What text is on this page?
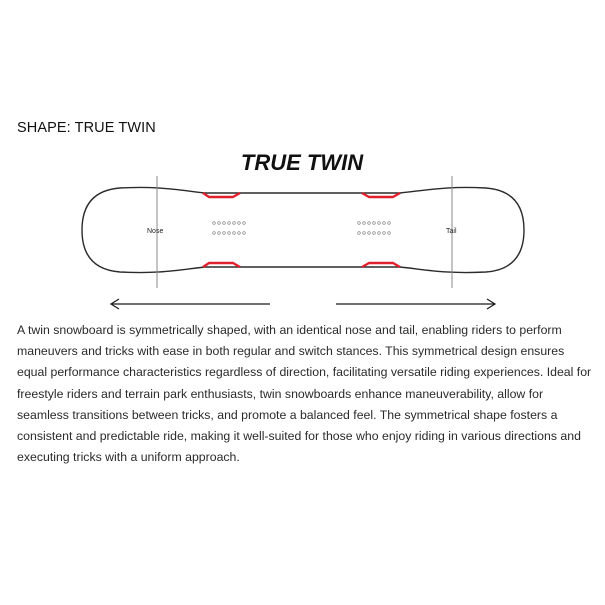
SHAPE: TRUE TWIN
TRUE TWIN
Nose	Tail

A twin snowboard is symmetrically shaped, with an identical nose and tail, enabling riders to perform maneuvers and tricks with ease in both regular and switch stances. This symmetrical design ensures equal performance characteristics regardless of direction, facilitating versatile riding experiences. Ideal for freestyle riders and terrain park enthusiasts, twin snowboards enhance maneuverability, allow for seamless transitions between tricks, and promote a balanced feel. The symmetrical shape fosters a consistent and predictable ride, making it well-suited for those who enjoy riding in various directions and executing tricks with a uniform approach.
